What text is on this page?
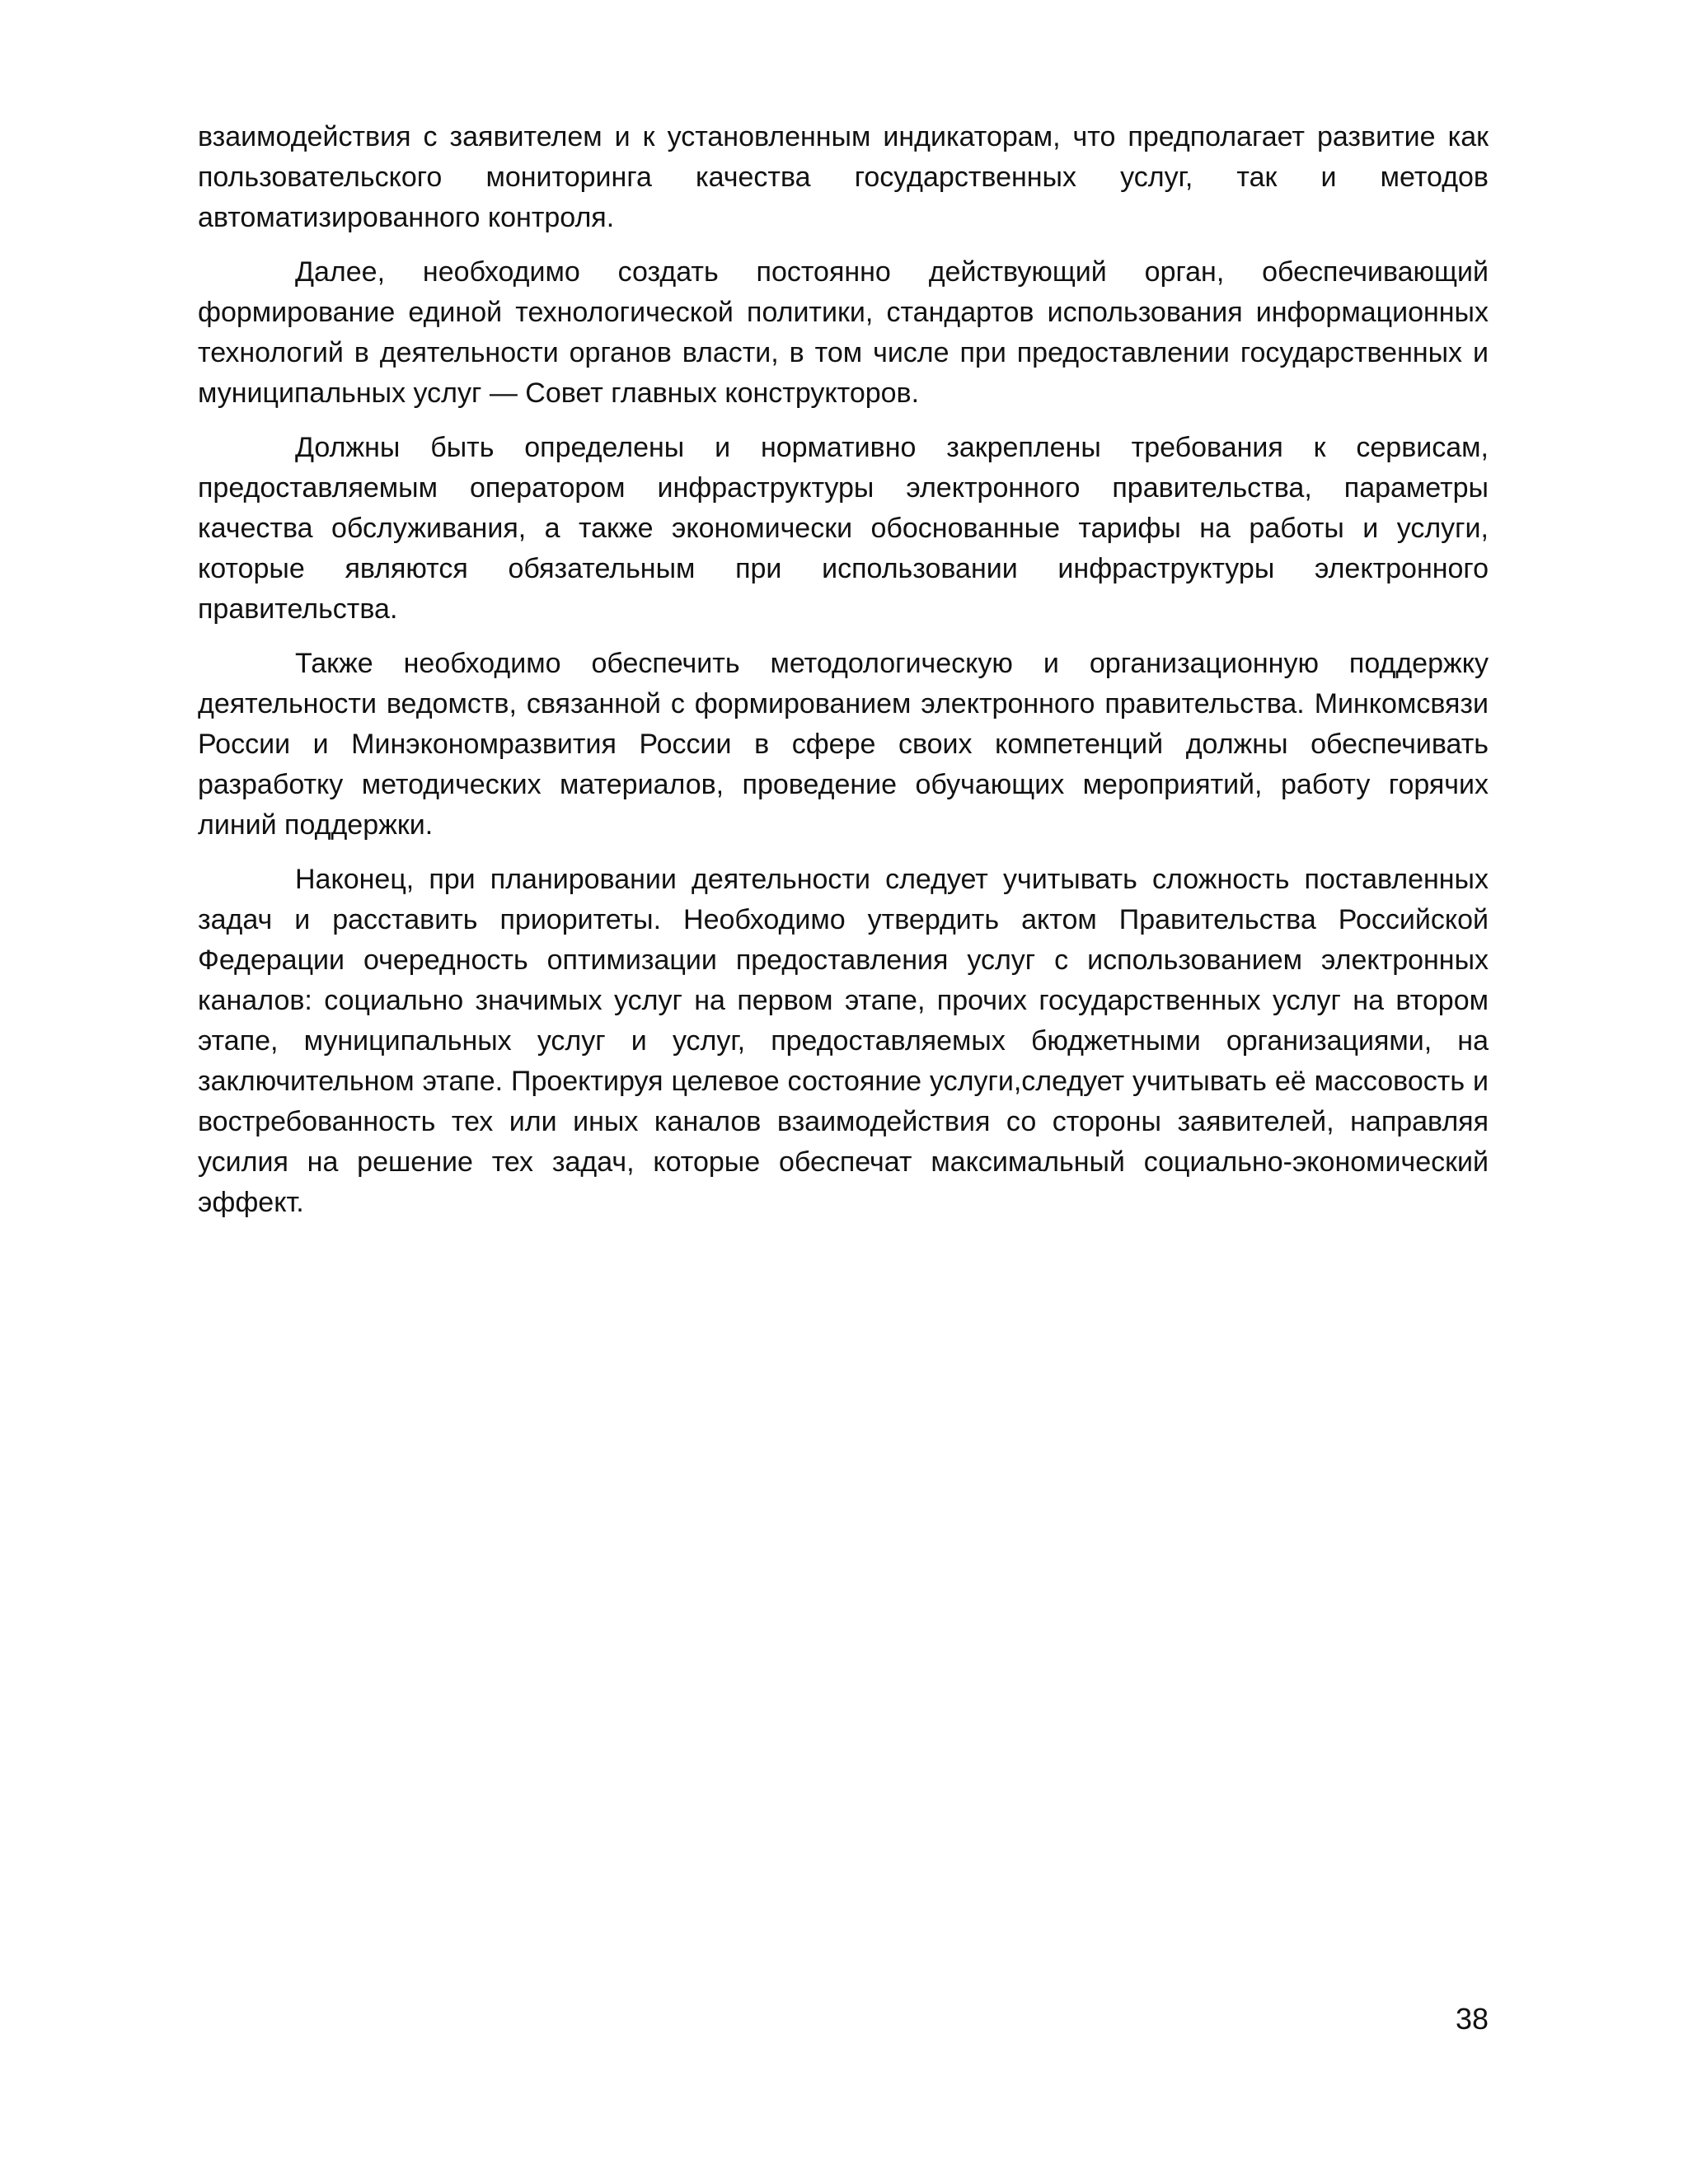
взаимодействия с заявителем и к установленным индикаторам, что предполагает развитие как пользовательского мониторинга качества государственных услуг, так и методов автоматизированного контроля.

Далее, необходимо создать постоянно действующий орган, обеспечивающий формирование единой технологической политики, стандартов использования информационных технологий в деятельности органов власти, в том числе при предоставлении государственных и муниципальных услуг — Совет главных конструкторов.

Должны быть определены и нормативно закреплены требования к сервисам, предоставляемым оператором инфраструктуры электронного правительства, параметры качества обслуживания, а также экономически обоснованные тарифы на работы и услуги, которые являются обязательным при использовании инфраструктуры электронного правительства.

Также необходимо обеспечить методологическую и организационную поддержку деятельности ведомств, связанной с формированием электронного правительства. Минкомсвязи России и Минэкономразвития России в сфере своих компетенций должны обеспечивать разработку методических материалов, проведение обучающих мероприятий, работу горячих линий поддержки.

Наконец, при планировании деятельности следует учитывать сложность поставленных задач и расставить приоритеты. Необходимо утвердить актом Правительства Российской Федерации очередность оптимизации предоставления услуг с использованием электронных каналов: социально значимых услуг на первом этапе, прочих государственных услуг на втором этапе, муниципальных услуг и услуг, предоставляемых бюджетными организациями, на заключительном этапе. Проектируя целевое состояние услуги,следует учитывать её массовость и востребованность тех или иных каналов взаимодействия со стороны заявителей, направляя усилия на решение тех задач, которые обеспечат максимальный социально-экономический эффект.

38
